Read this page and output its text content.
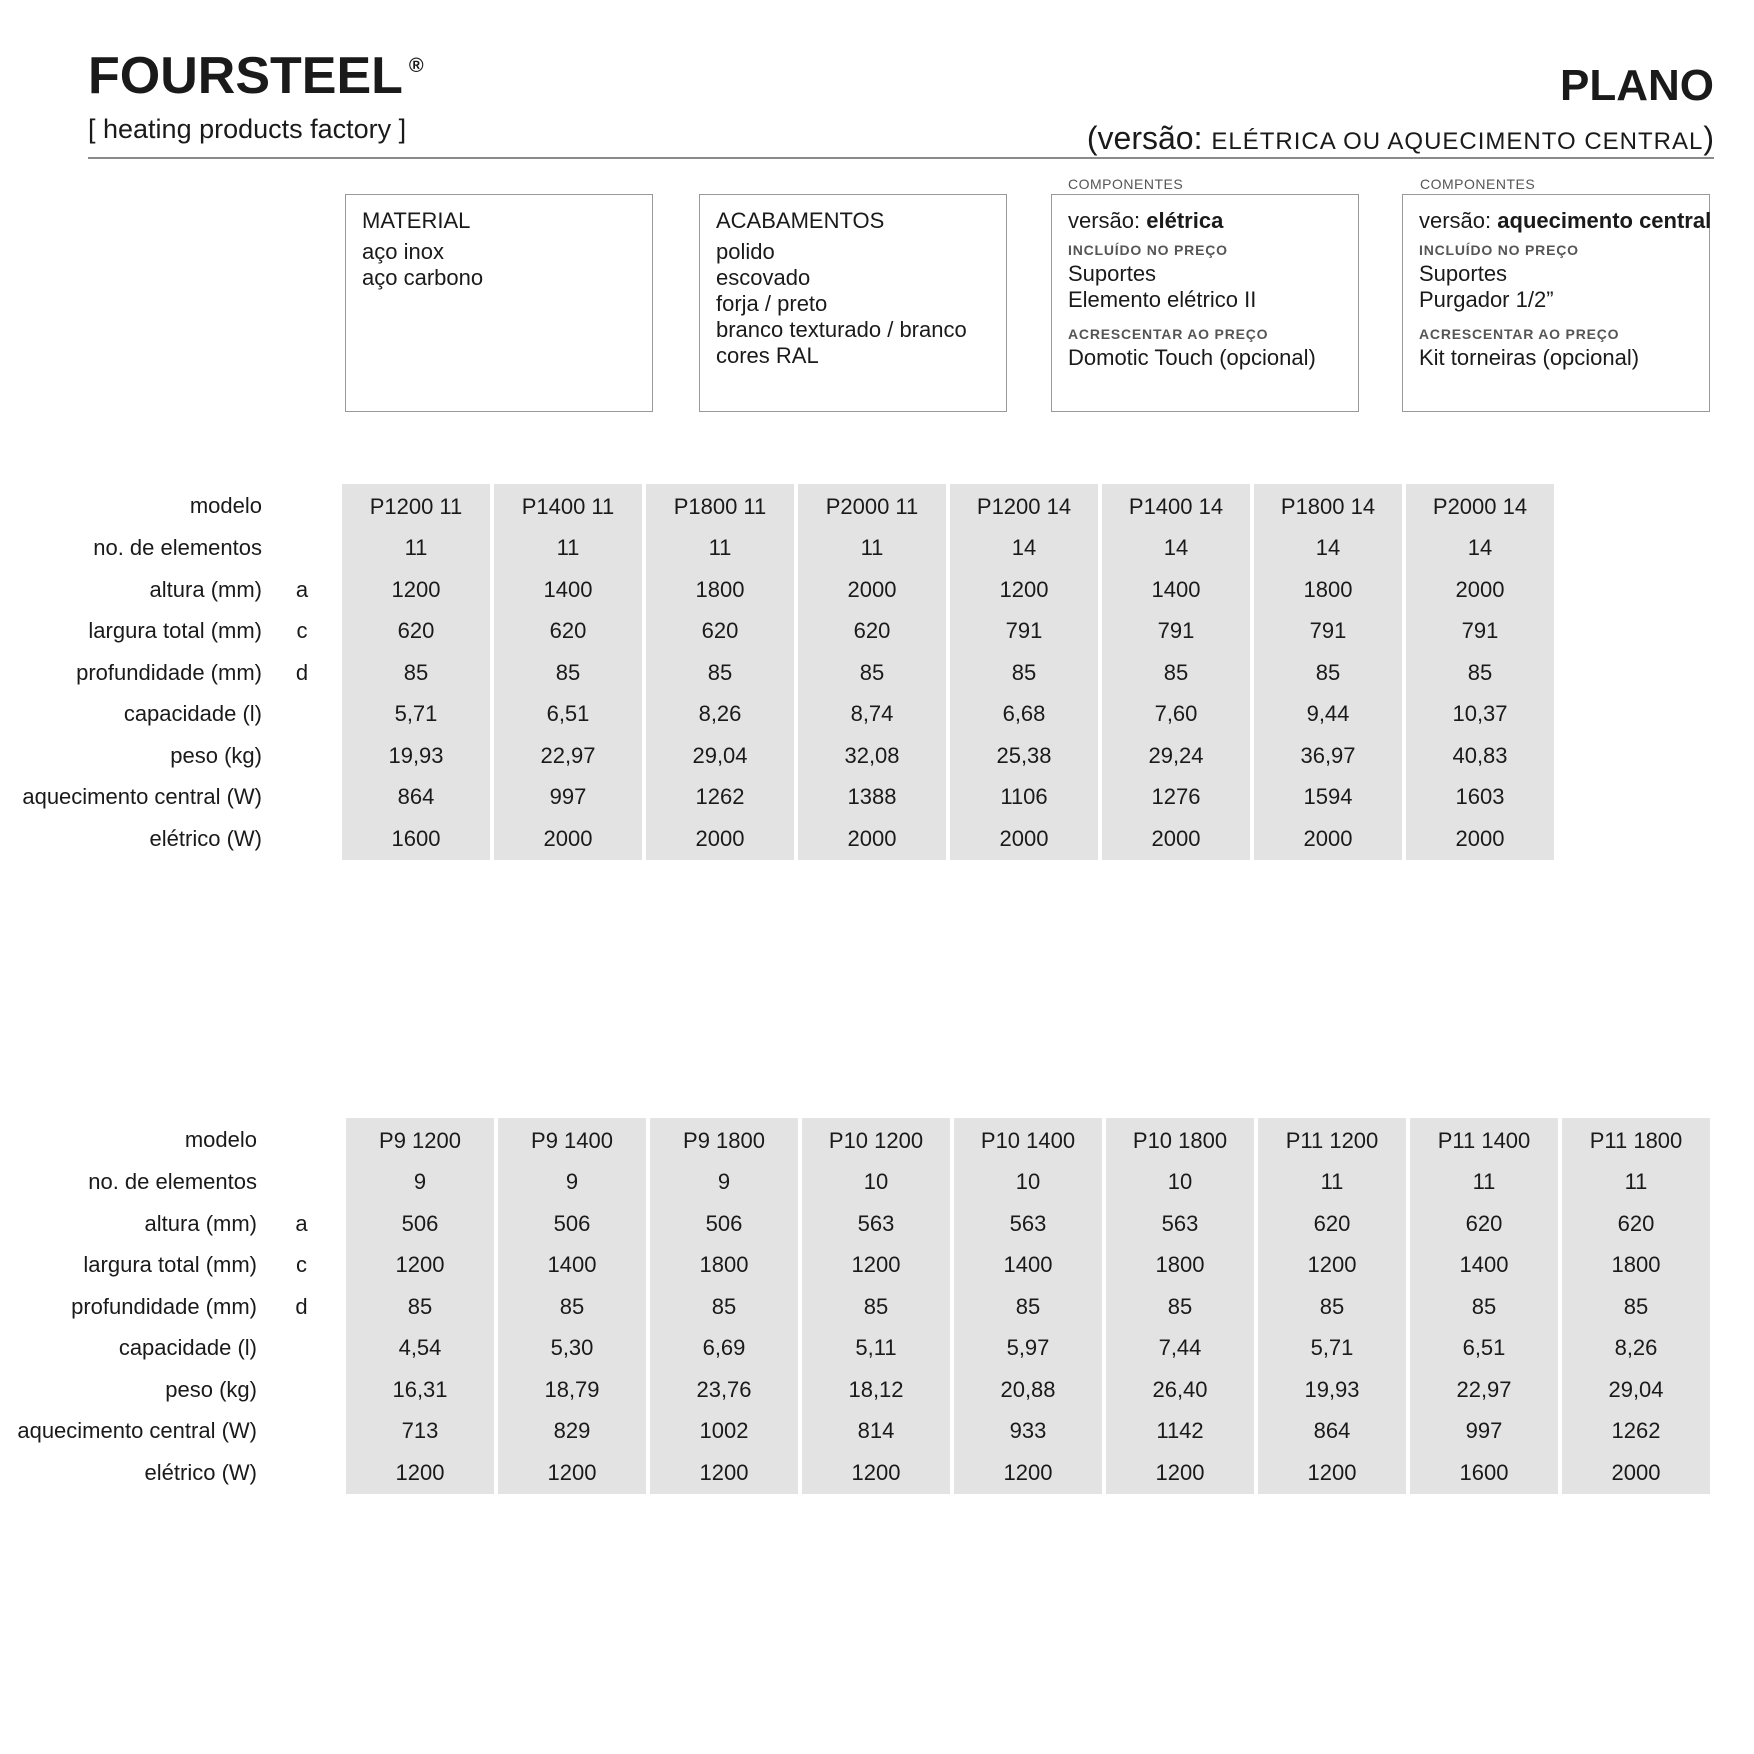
FOURSTEEL ®
[ heating products factory ]
PLANO
(versão: ELÉTRICA OU AQUECIMENTO CENTRAL)
MATERIAL
aço inox
aço carbono
ACABAMENTOS
polido
escovado
forja / preto
branco texturado / branco
cores RAL
COMPONENTES
versão: elétrica
INCLUÍDO NO PREÇO
Suportes
Elemento elétrico II
ACRESCENTAR AO PREÇO
Domotic Touch (opcional)
COMPONENTES
versão: aquecimento central
INCLUÍDO NO PREÇO
Suportes
Purgador 1/2”
ACRESCENTAR AO PREÇO
Kit torneiras (opcional)
modelo		P1200 11	P1400 11	P1800 11	P2000 11	P1200 14	P1400 14	P1800 14	P2000 14
no. de elementos		11	11	11	11	14	14	14	14
altura (mm)	a	1200	1400	1800	2000	1200	1400	1800	2000
largura total (mm)	c	620	620	620	620	791	791	791	791
profundidade (mm)	d	85	85	85	85	85	85	85	85
capacidade (l)		5,71	6,51	8,26	8,74	6,68	7,60	9,44	10,37
peso (kg)		19,93	22,97	29,04	32,08	25,38	29,24	36,97	40,83
aquecimento central (W)		864	997	1262	1388	1106	1276	1594	1603
elétrico (W)		1600	2000	2000	2000	2000	2000	2000	2000
modelo		P9 1200	P9 1400	P9 1800	P10 1200	P10 1400	P10 1800	P11 1200	P11 1400	P11 1800
no. de elementos		9	9	9	10	10	10	11	11	11
altura (mm)	a	506	506	506	563	563	563	620	620	620
largura total (mm)	c	1200	1400	1800	1200	1400	1800	1200	1400	1800
profundidade (mm)	d	85	85	85	85	85	85	85	85	85
capacidade (l)		4,54	5,30	6,69	5,11	5,97	7,44	5,71	6,51	8,26
peso (kg)		16,31	18,79	23,76	18,12	20,88	26,40	19,93	22,97	29,04
aquecimento central (W)		713	829	1002	814	933	1142	864	997	1262
elétrico (W)		1200	1200	1200	1200	1200	1200	1200	1600	2000
